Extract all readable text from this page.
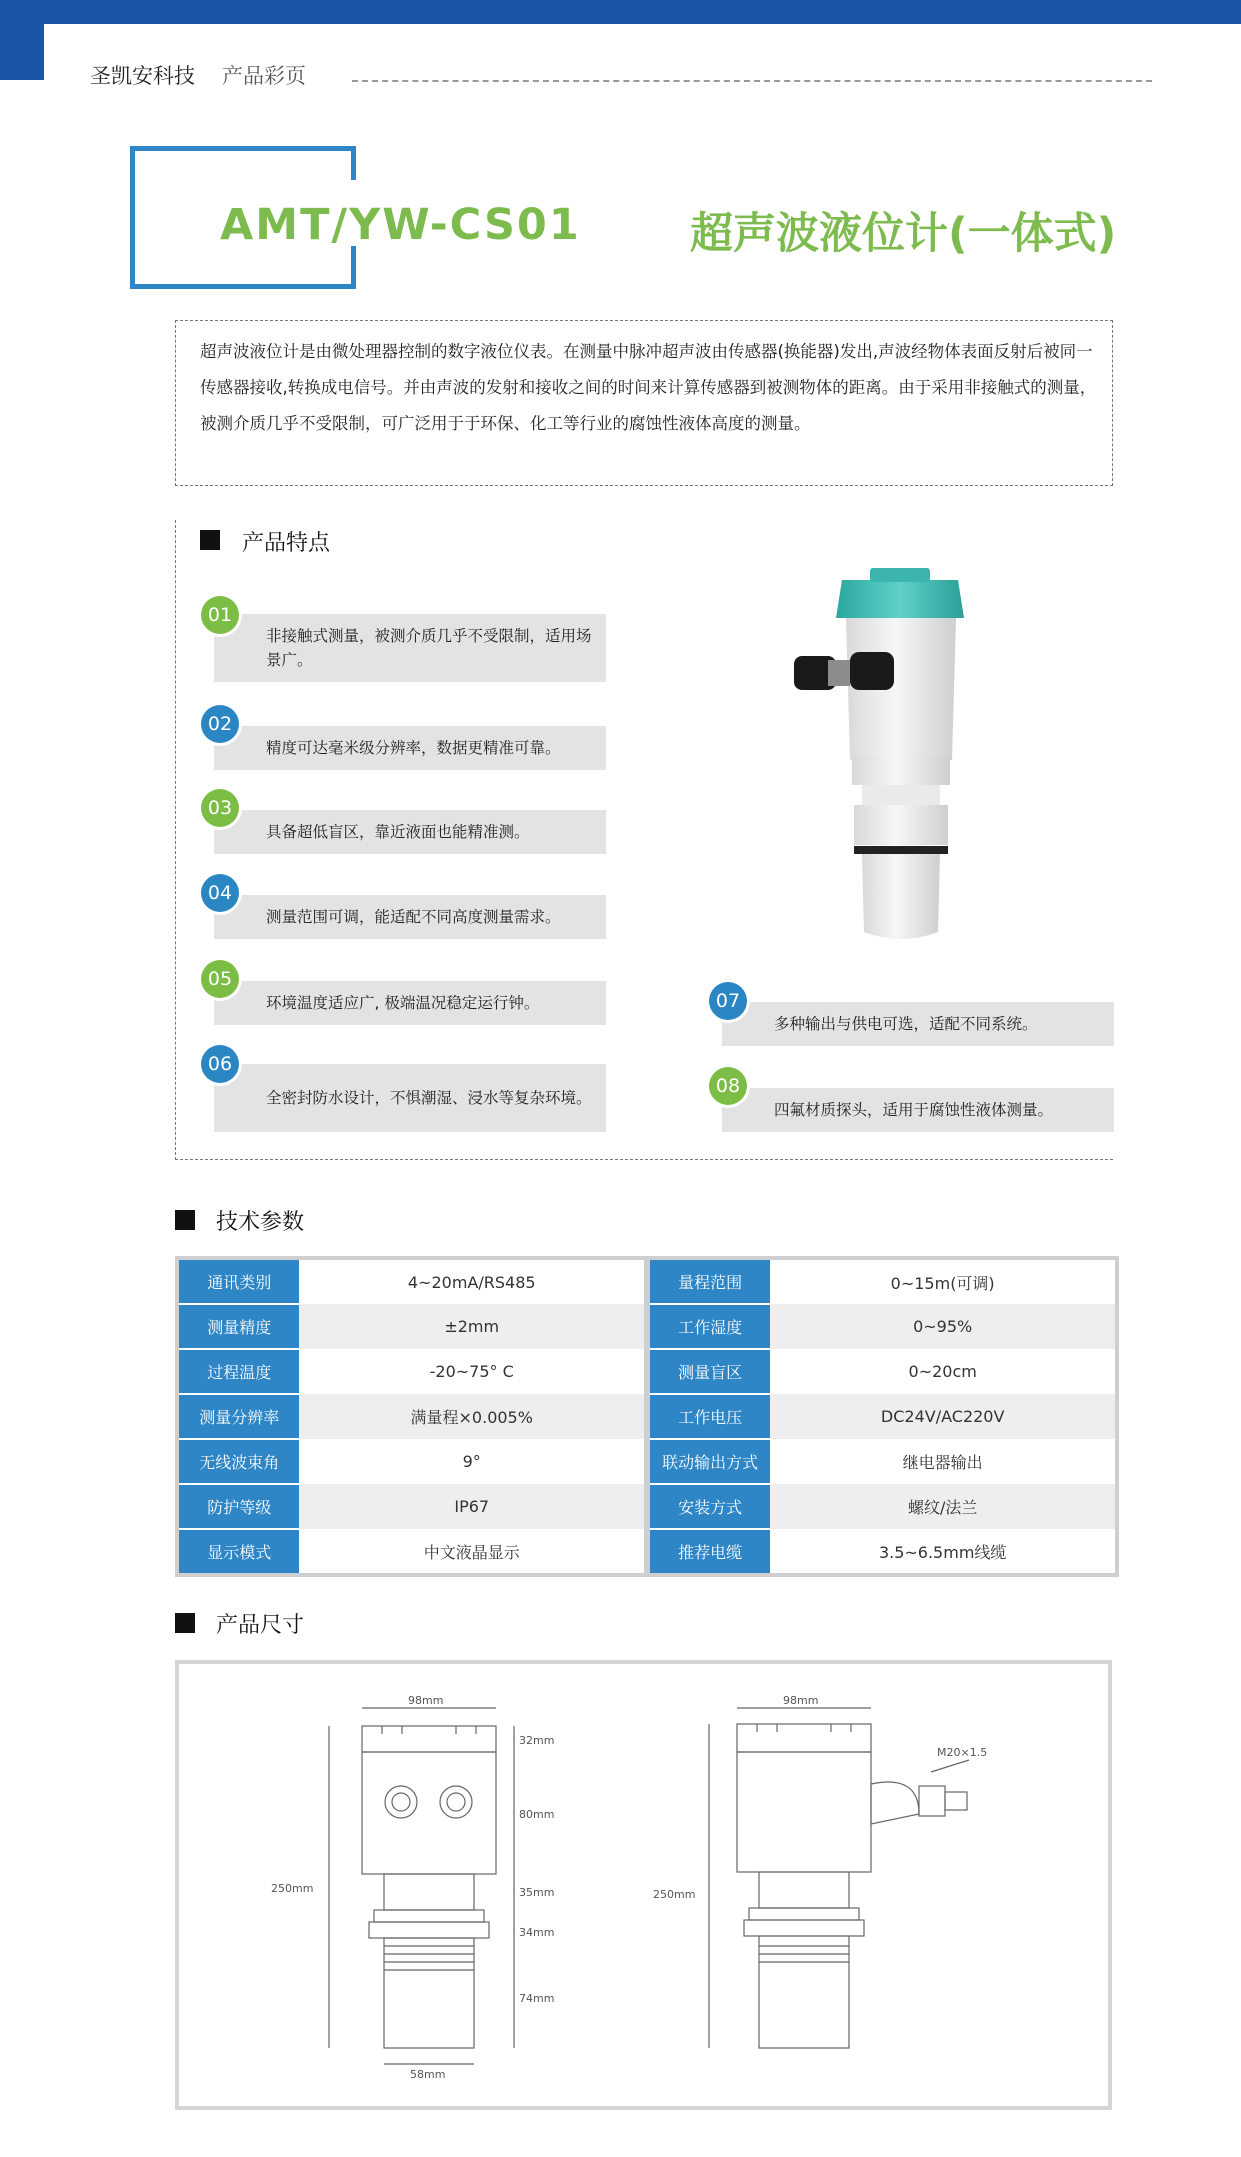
圣凯安科技 产品彩页
AMT/YW-CS01	超声波液位计(一体式)
超声波液位计是由微处理器控制的数字液位仪表。在测量中脉冲超声波由传感器(换能器)发出,声波经物体表面反射后被同一传感器接收,转换成电信号。并由声波的发射和接收之间的时间来计算传感器到被测物体的距离。由于采用非接触式的测量，被测介质几乎不受限制，可广泛用于于环保、化工等行业的腐蚀性液体高度的测量。
产品特点
非接触式测量，被测介质几乎不受限制，适用场景广。
01
精度可达毫米级分辨率，数据更精准可靠。
02
具备超低盲区，靠近液面也能精准测。
03
测量范围可调，能适配不同高度测量需求。
04
环境温度适应广, 极端温况稳定运行钟。
05
全密封防水设计，不惧潮湿、浸水等复杂环境。
06
多种输出与供电可选，适配不同系统。
07
四氟材质探头，适用于腐蚀性液体测量。
08
技术参数
通讯类别	4~20mA/RS485		量程范围	0~15m(可调)
测量精度	±2mm		工作湿度	0~95%
过程温度	-20~75° C		测量盲区	0~20cm
测量分辨率	满量程×0.005%		工作电压	DC24V/AC220V
无线波束角	9°		联动输出方式	继电器输出
防护等级	IP67		安装方式	螺纹/法兰
显示模式	中文液晶显示		推荐电缆	3.5~6.5mm线缆
产品尺寸
98mm
32mm
80mm
35mm
34mm
74mm
250mm
58mm
98mm
M20×1.5
250mm
